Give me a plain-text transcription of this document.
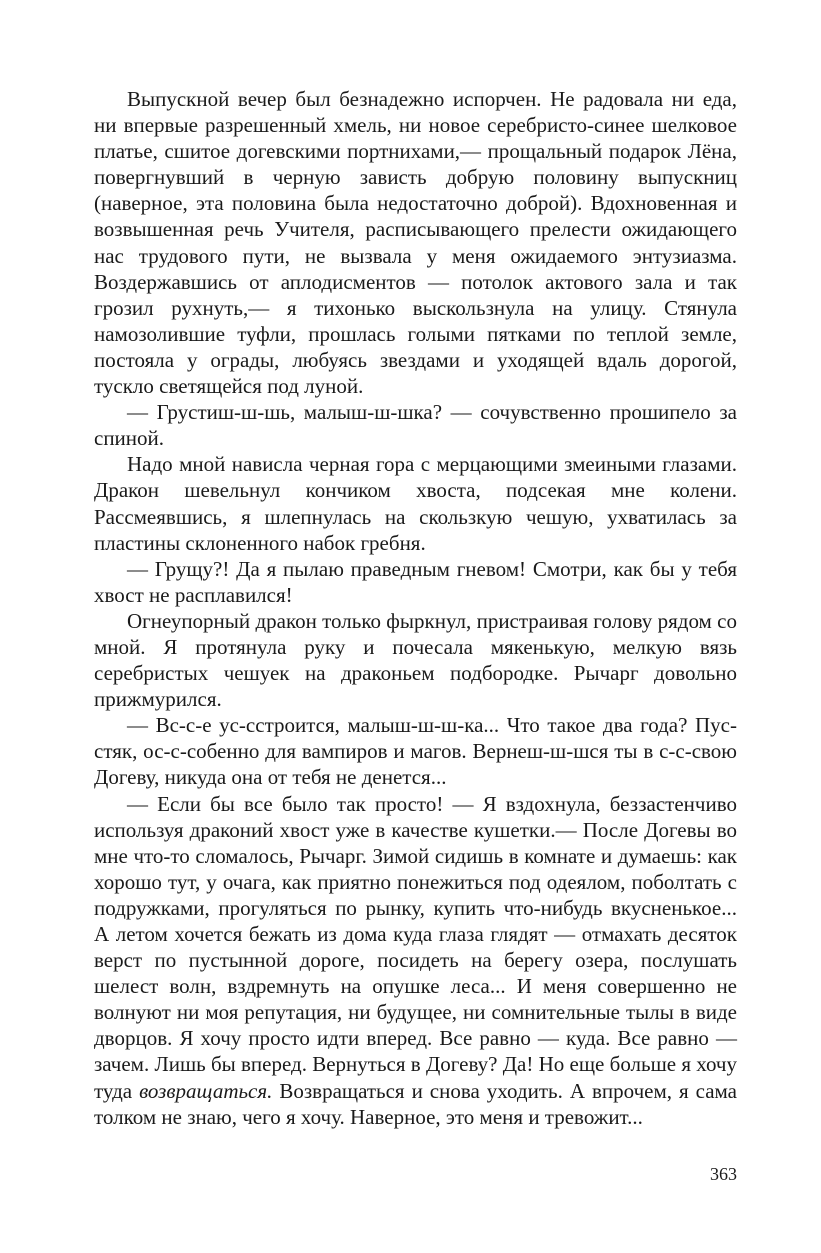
Выпускной вечер был безнадежно испорчен. Не радовала ни еда, ни впервые разрешенный хмель, ни новое серебристо-синее шелковое платье, сшитое догевскими портнихами,— прощальный подарок Лёна, повергнувший в черную зависть добрую половину выпускниц (наверное, эта половина была недостаточно доброй). Вдохновенная и возвышенная речь Учителя, расписывающего прелести ожидающего нас трудового пути, не вызвала у меня ожидаемого энтузиазма. Воздержавшись от аплодисментов — потолок актового зала и так грозил рухнуть,— я тихонько выскользнула на улицу. Стянула намозолившие туфли, прошлась голыми пятками по теплой земле, постояла у ограды, любуясь звездами и уходящей вдаль дорогой, тускло светящейся под луной.

— Грустиш-ш-шь, малыш-ш-шка? — сочувственно прошипело за спиной.

Надо мной нависла черная гора с мерцающими змеиными глазами. Дракон шевельнул кончиком хвоста, подсекая мне колени. Рассмеявшись, я шлепнулась на скользкую чешую, ухватилась за пластины склоненного набок гребня.

— Грущу?! Да я пылаю праведным гневом! Смотри, как бы у тебя хвост не расплавился!

Огнеупорный дракон только фыркнул, пристраивая голову рядом со мной. Я протянула руку и почесала мякенькую, мелкую вязь серебристых чешуек на драконьем подбородке. Рычарг довольно прижмурился.

— Вс-с-е ус-сстроится, малыш-ш-ш-ка... Что такое два года? Пус-стяк, ос-с-собенно для вампиров и магов. Вернеш-ш-шся ты в с-с-свою Догеву, никуда она от тебя не денется...

— Если бы все было так просто! — Я вздохнула, беззастенчиво используя драконий хвост уже в качестве кушетки.— После Догевы во мне что-то сломалось, Рычарг. Зимой сидишь в комнате и думаешь: как хорошо тут, у очага, как приятно понежиться под одеялом, поболтать с подружками, прогуляться по рынку, купить что-нибудь вкусненькое... А летом хочется бежать из дома куда глаза глядят — отмахать десяток верст по пустынной дороге, посидеть на берегу озера, послушать шелест волн, вздремнуть на опушке леса... И меня совершенно не волнуют ни моя репутация, ни будущее, ни сомнительные тылы в виде дворцов. Я хочу просто идти вперед. Все равно — куда. Все равно — зачем. Лишь бы вперед. Вернуться в Догеву? Да! Но еще больше я хочу туда возвращаться. Возвращаться и снова уходить. А впрочем, я сама толком не знаю, чего я хочу. Наверное, это меня и тревожит...

363
